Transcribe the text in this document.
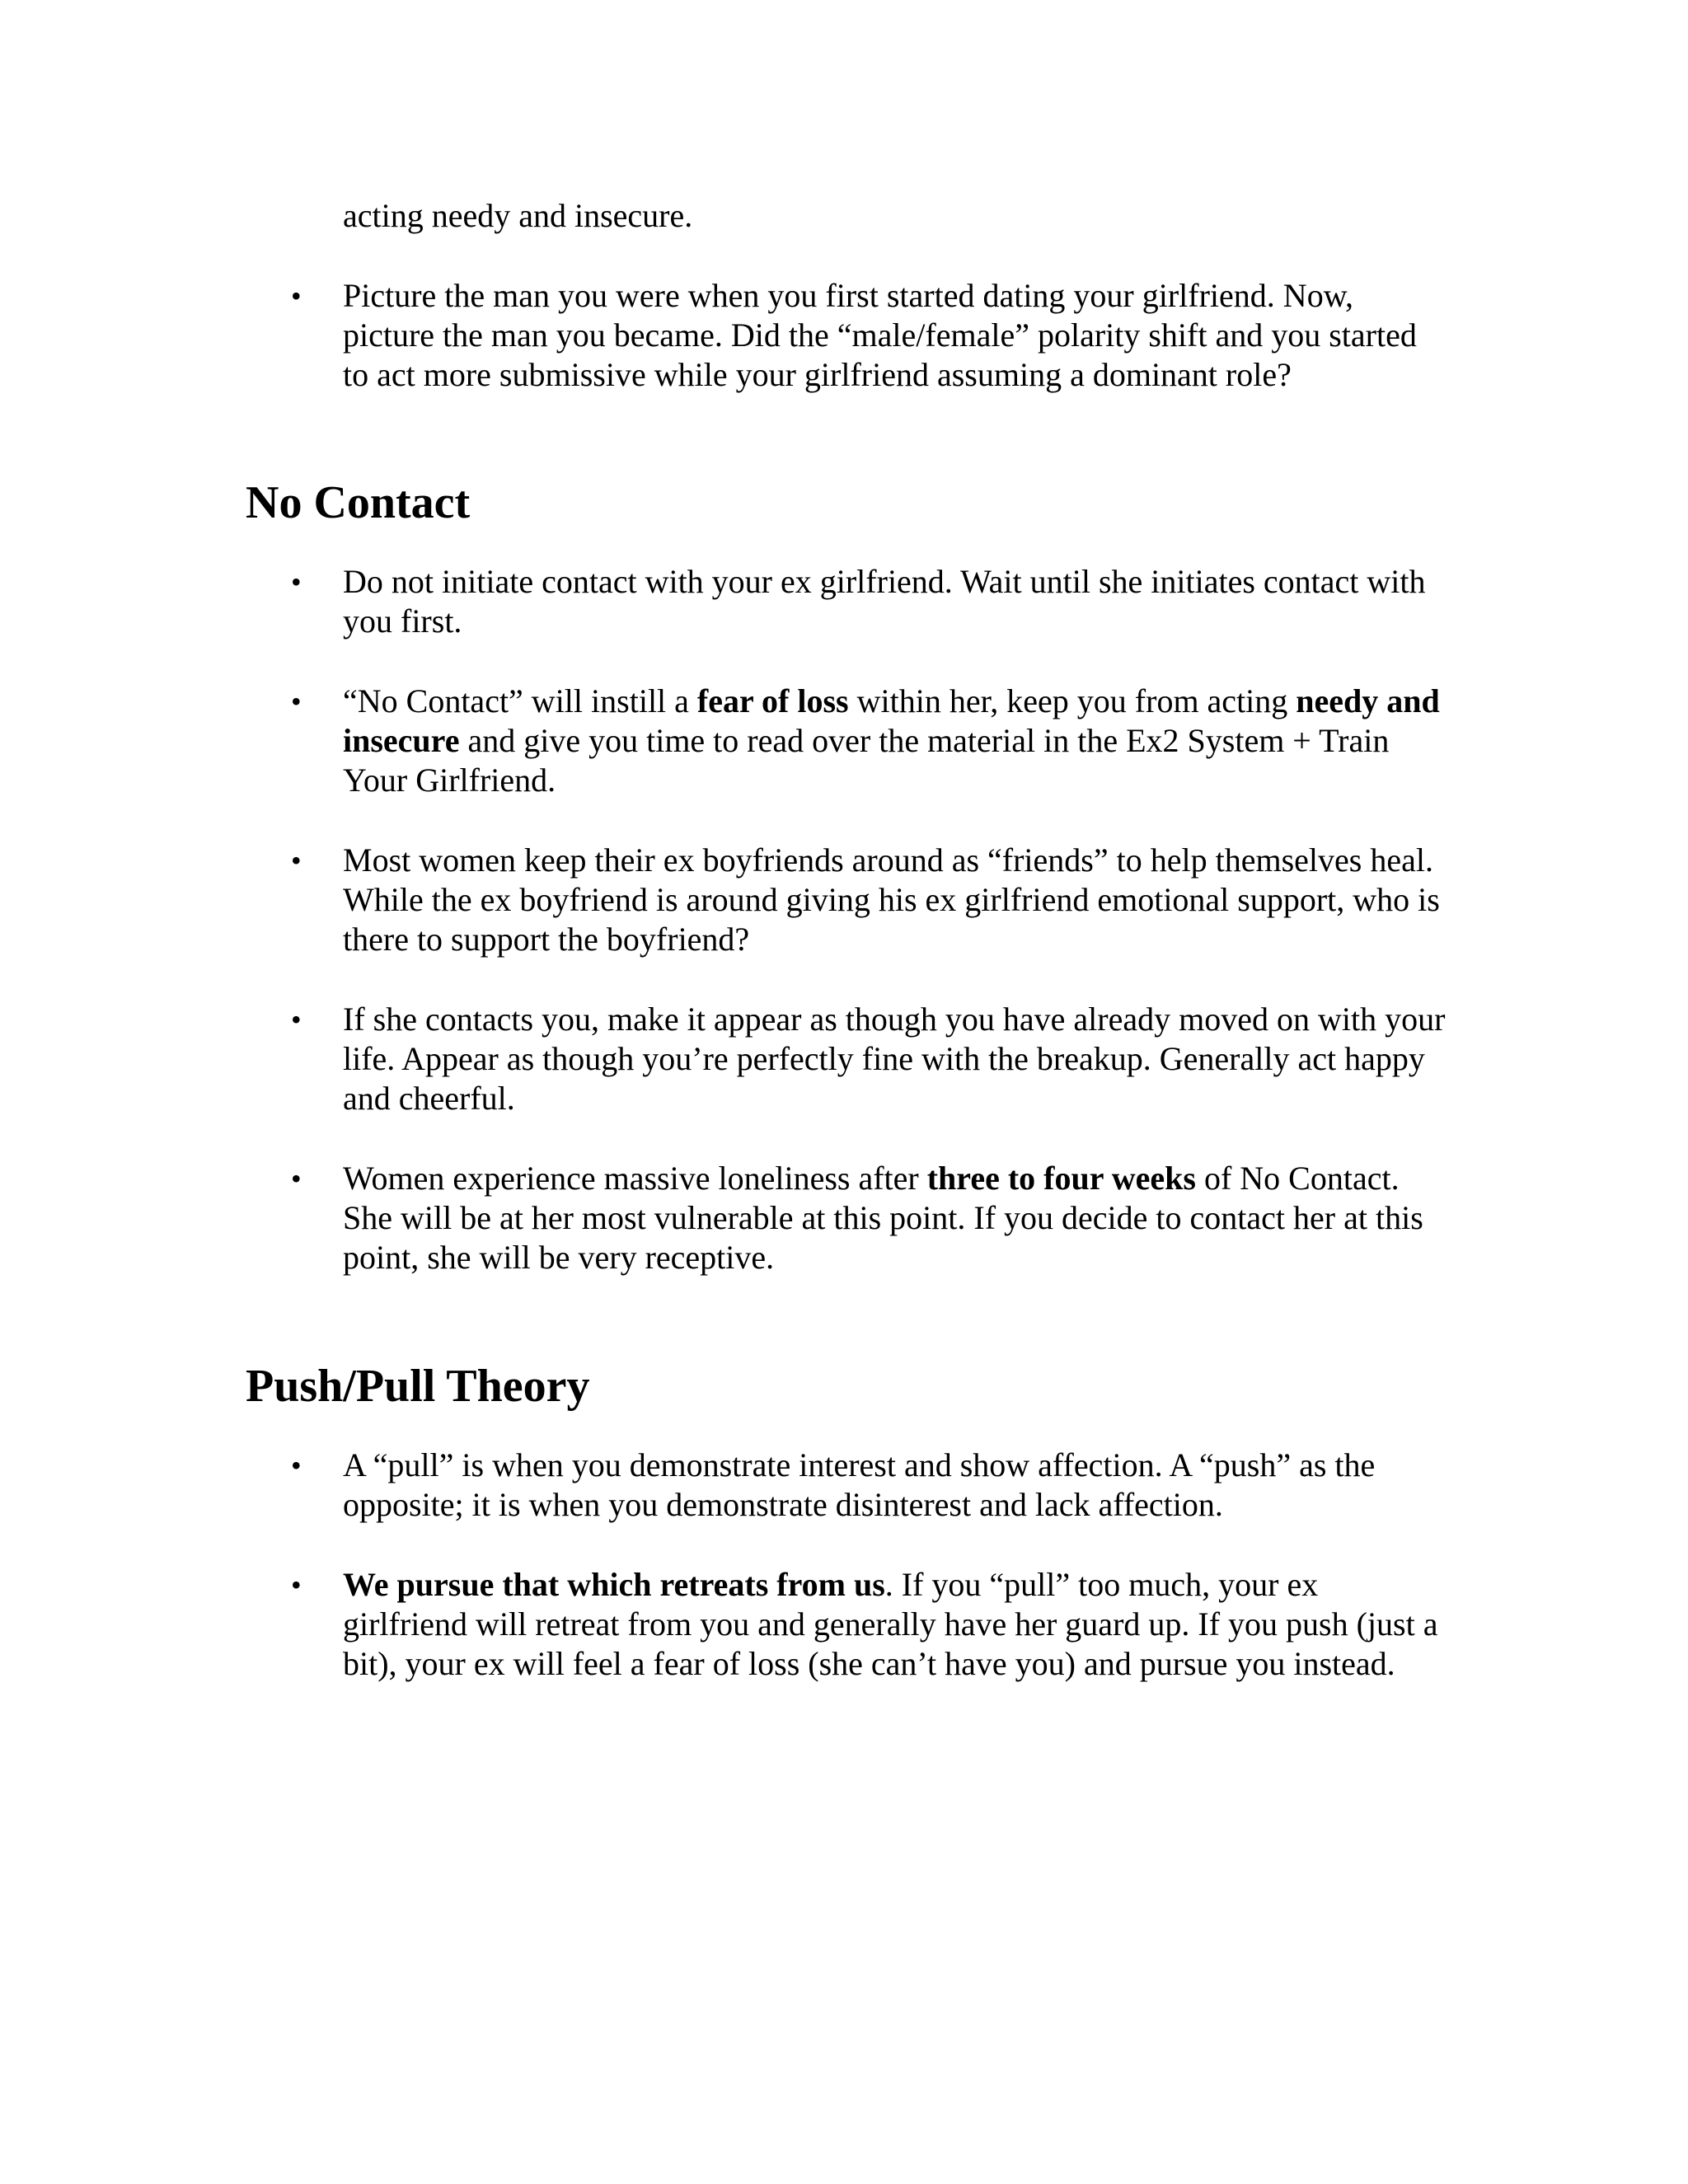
acting needy and insecure.

• Picture the man you were when you first started dating your girlfriend. Now, picture the man you became. Did the “male/female” polarity shift and you started to act more submissive while your girlfriend assuming a dominant role?
No Contact
• Do not initiate contact with your ex girlfriend. Wait until she initiates contact with you first.
• “No Contact” will instill a fear of loss within her, keep you from acting needy and insecure and give you time to read over the material in the Ex2 System + Train Your Girlfriend.
• Most women keep their ex boyfriends around as “friends” to help themselves heal. While the ex boyfriend is around giving his ex girlfriend emotional support, who is there to support the boyfriend?
• If she contacts you, make it appear as though you have already moved on with your life. Appear as though you’re perfectly fine with the breakup. Generally act happy and cheerful.
• Women experience massive loneliness after three to four weeks of No Contact. She will be at her most vulnerable at this point. If you decide to contact her at this point, she will be very receptive.
Push/Pull Theory
• A “pull” is when you demonstrate interest and show affection. A “push” as the opposite; it is when you demonstrate disinterest and lack affection.
• We pursue that which retreats from us. If you “pull” too much, your ex girlfriend will retreat from you and generally have her guard up. If you push (just a bit), your ex will feel a fear of loss (she can’t have you) and pursue you instead.
